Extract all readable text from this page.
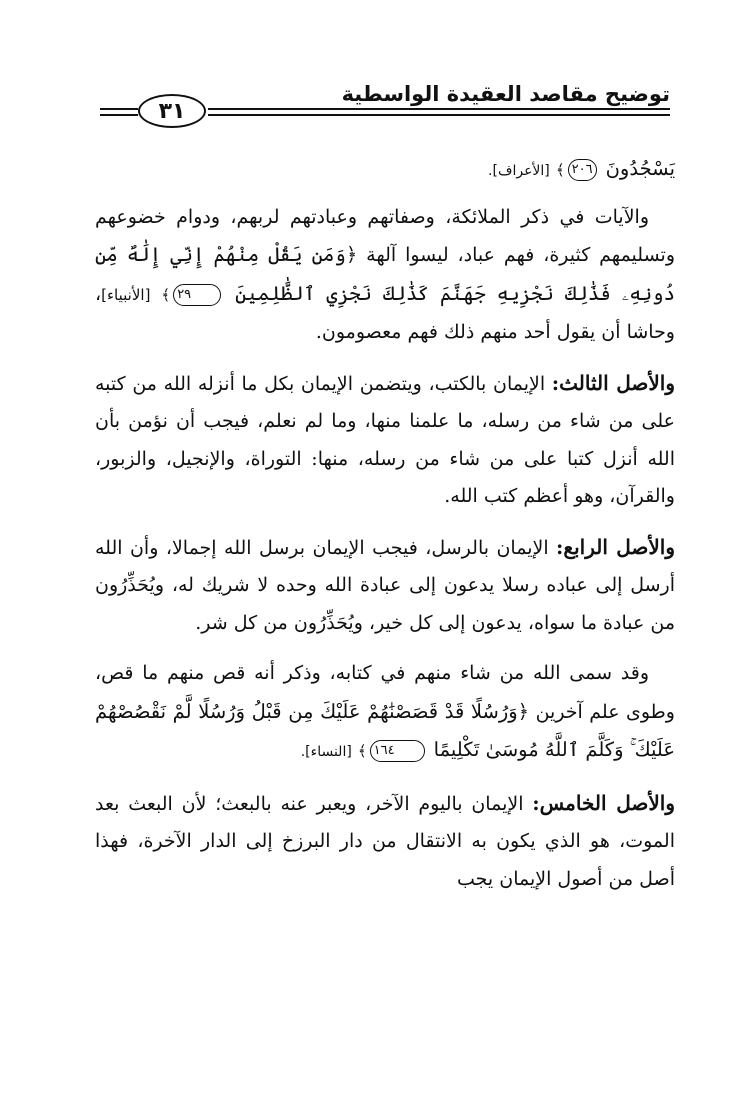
توضيح مقاصد العقيدة الواسطية
٣١

يَسْجُدُونَ ٢٠٦﴾ [الأعراف].

والآيات في ذكر الملائكة، وصفاتهم وعبادتهم لربهم، ودوام خضوعهم وتسليمهم كثيرة، فهم عباد، ليسوا آلهة ﴿وَمَن يَقُلْ مِنْهُمْ إِنِّي إِلَٰهٌ مِّن دُونِهِۦ فَذَٰلِكَ نَجْزِيهِ جَهَنَّمَ كَذَٰلِكَ نَجْزِي ٱلظَّٰلِمِينَ ٢٩﴾ [الأنبياء]، وحاشا أن يقول أحد منهم ذلك فهم معصومون.

والأصل الثالث: الإيمان بالكتب، ويتضمن الإيمان بكل ما أنزله الله من كتبه على من شاء من رسله، ما علمنا منها، وما لم نعلم، فيجب أن نؤمن بأن الله أنزل كتبا على من شاء من رسله، منها: التوراة، والإنجيل، والزبور، والقرآن، وهو أعظم كتب الله.

والأصل الرابع: الإيمان بالرسل، فيجب الإيمان برسل الله إجمالا، وأن الله أرسل إلى عباده رسلا يدعون إلى عبادة الله وحده لا شريك له، ويُحَذِّرُون من عبادة ما سواه، يدعون إلى كل خير، ويُحَذِّرُون من كل شر.

وقد سمى الله من شاء منهم في كتابه، وذكر أنه قص منهم ما قص، وطوى علم آخرين ﴿وَرُسُلًا قَدْ قَصَصْنَٰهُمْ عَلَيْكَ مِن قَبْلُ وَرُسُلًا لَّمْ نَقْصُصْهُمْ عَلَيْكَ ۚ وَكَلَّمَ ٱللَّهُ مُوسَىٰ تَكْلِيمًا ١٦٤﴾ [النساء].

والأصل الخامس: الإيمان باليوم الآخر، ويعبر عنه بالبعث؛ لأن البعث بعد الموت، هو الذي يكون به الانتقال من دار البرزخ إلى الدار الآخرة، فهذا أصل من أصول الإيمان يجب
